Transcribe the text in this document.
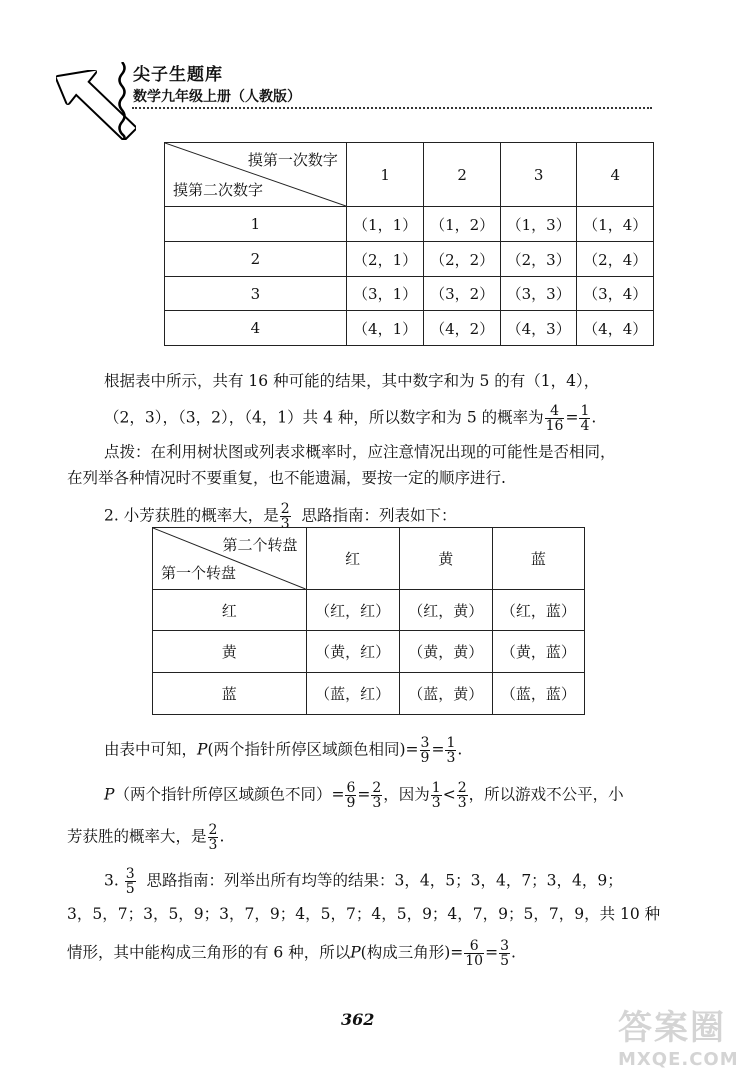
尖子生题库
数学九年级上册（人教版）
摸第一次数字
摸第二次数字	1	2	3	4
1	（1，1）	（1，2）	（1，3）	（1，4）
2	（2，1）	（2，2）	（2，3）	（2，4）
3	（3，1）	（3，2）	（3，3）	（3，4）
4	（4，1）	（4，2）	（4，3）	（4，4）
根据表中所示，共有 16 种可能的结果，其中数字和为 5 的有（1，4），
（2，3），（3，2），（4，1）共 4 种，所以数字和为 5 的概率为 $\frac{4}{16} = \frac{1}{4}$ .
点拨：在利用树状图或列表求概率时，应注意情况出现的可能性是否相同，
在列举各种情况时不要重复，也不能遗漏，要按一定的顺序进行.
2. 小芳获胜的概率大，是 $\frac{2}{3}$ 思路指南：列表如下：
第二个转盘
第一个转盘	红	黄	蓝
红	（红，红）	（红，黄）	（红，蓝）
黄	（黄，红）	（黄，黄）	（黄，蓝）
蓝	（蓝，红）	（蓝，黄）	（蓝，蓝）
由表中可知，P(两个指针所停区域颜色相同)= $\frac{3}{9} = \frac{1}{3}$ .
P（两个指针所停区域颜色不同）= $\frac{6}{9} = \frac{2}{3}$ ，因为 $\frac{1}{3} < \frac{2}{3}$ ，所以游戏不公平，小
芳获胜的概率大，是 $\frac{2}{3}$ .
3. $\frac{3}{5}$ 思路指南：列举出所有均等的结果：3，4，5；3，4，7；3，4，9；
3，5，7；3，5，9；3，7，9；4，5，7；4，5，9；4，7，9；5，7，9，共 10 种
情形，其中能构成三角形的有 6 种，所以P(构成三角形)= $\frac{6}{10} = \frac{3}{5}$ .
362	答案圈
MXQE.COM
